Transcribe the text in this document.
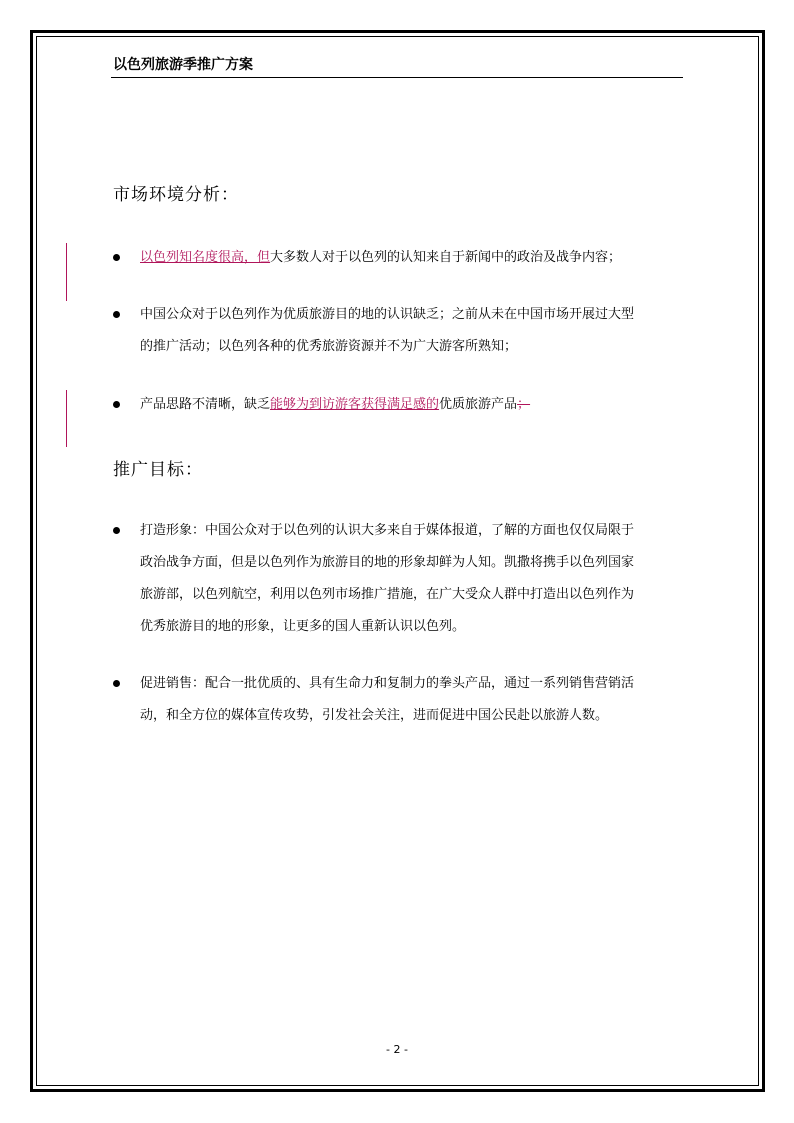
以色列旅游季推广方案
市场环境分析：
以色列知名度很高，但大多数人对于以色列的认知来自于新闻中的政治及战争内容；
中国公众对于以色列作为优质旅游目的地的认识缺乏；之前从未在中国市场开展过大型
的推广活动；以色列各种的优秀旅游资源并不为广大游客所熟知；
产品思路不清晰，缺乏能够为到访游客获得满足感的优质旅游产品；
推广目标：
打造形象：中国公众对于以色列的认识大多来自于媒体报道，了解的方面也仅仅局限于
政治战争方面，但是以色列作为旅游目的地的形象却鲜为人知。凯撒将携手以色列国家
旅游部，以色列航空，利用以色列市场推广措施，在广大受众人群中打造出以色列作为
优秀旅游目的地的形象，让更多的国人重新认识以色列。
促进销售：配合一批优质的、具有生命力和复制力的拳头产品，通过一系列销售营销活
动，和全方位的媒体宣传攻势，引发社会关注，进而促进中国公民赴以旅游人数。
- 2 -
